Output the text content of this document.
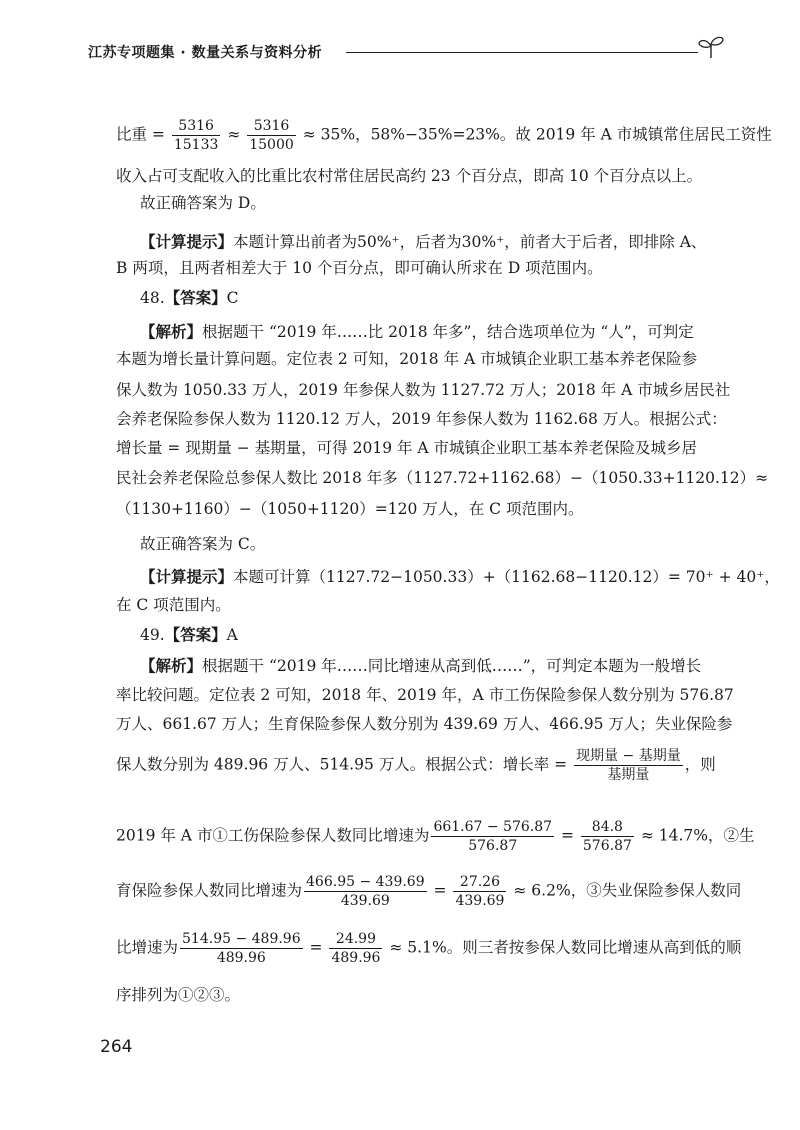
江苏专项题集 · 数量关系与资料分析
比重 = $\frac{5316}{15133} \approx \frac{5316}{15000} \approx 35\%$，58%−35%=23%。故 2019 年 A 市城镇常住居民工资性
收入占可支配收入的比重比农村常住居民高约 23 个百分点，即高 10 个百分点以上。
故正确答案为 D。
【计算提示】本题计算出前者为50%⁺，后者为30%⁺，前者大于后者，即排除 A、
B 两项，且两者相差大于 10 个百分点，即可确认所求在 D 项范围内。
48.【答案】C
【解析】根据题干 “2019 年……比 2018 年多”，结合选项单位为 “人”，可判定
本题为增长量计算问题。定位表 2 可知，2018 年 A 市城镇企业职工基本养老保险参
保人数为 1050.33 万人，2019 年参保人数为 1127.72 万人；2018 年 A 市城乡居民社
会养老保险参保人数为 1120.12 万人，2019 年参保人数为 1162.68 万人。根据公式：
增长量 = 现期量 − 基期量，可得 2019 年 A 市城镇企业职工基本养老保险及城乡居
民社会养老保险总参保人数比 2018 年多（1127.72+1162.68）−（1050.33+1120.12）≈
（1130+1160）−（1050+1120）=120 万人，在 C 项范围内。
故正确答案为 C。
【计算提示】本题可计算（1127.72−1050.33）+（1162.68−1120.12）= 70⁺ + 40⁺，
在 C 项范围内。
49.【答案】A
【解析】根据题干 “2019 年……同比增速从高到低……”，可判定本题为一般增长
率比较问题。定位表 2 可知，2018 年、2019 年，A 市工伤保险参保人数分别为 576.87
万人、661.67 万人；生育保险参保人数分别为 439.69 万人、466.95 万人；失业保险参
保人数分别为 489.96 万人、514.95 万人。根据公式：增长率 = $\frac{\text{现期量 − 基期量}}{\text{基期量}}$ ，则
2019 年 A 市①工伤保险参保人数同比增速为 $\frac{661.67 - 576.87}{576.87} = \frac{84.8}{576.87} \approx 14.7\%$，②生
育保险参保人数同比增速为 $\frac{466.95 - 439.69}{439.69} = \frac{27.26}{439.69} \approx 6.2\%$，③失业保险参保人数同
比增速为 $\frac{514.95 - 489.96}{489.96} = \frac{24.99}{489.96} \approx 5.1\%$。则三者按参保人数同比增速从高到低的顺
序排列为①②③。
264
